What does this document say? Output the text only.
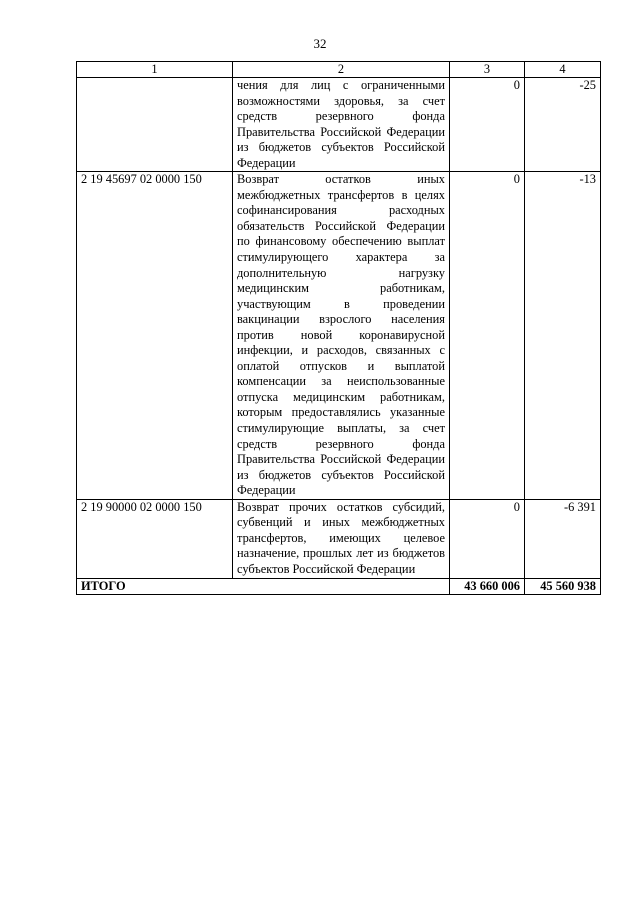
32
1	2	3	4
	чения для лиц с ограниченными возможностями здоровья, за счет средств резервного фонда Правительства Российской Федерации из бюджетов субъектов Российской Федерации	0	-25
2 19 45697 02 0000 150	Возврат остатков иных межбюджетных трансфертов в целях софинансирования расходных обязательств Российской Федерации по финансовому обеспечению выплат стимулирующего характера за дополнительную нагрузку медицинским работникам, участвующим в проведении вакцинации взрослого населения против новой коронавирусной инфекции, и расходов, связанных с оплатой отпусков и выплатой компенсации за неиспользованные отпуска медицинским работникам, которым предоставлялись указанные стимулирующие выплаты, за счет средств резервного фонда Правительства Российской Федерации из бюджетов субъектов Российской Федерации	0	-13
2 19 90000 02 0000 150	Возврат прочих остатков субсидий, субвенций и иных межбюджетных трансфертов, имеющих целевое назначение, прошлых лет из бюджетов субъектов Российской Федерации	0	-6 391
ИТОГО		43 660 006	45 560 938
